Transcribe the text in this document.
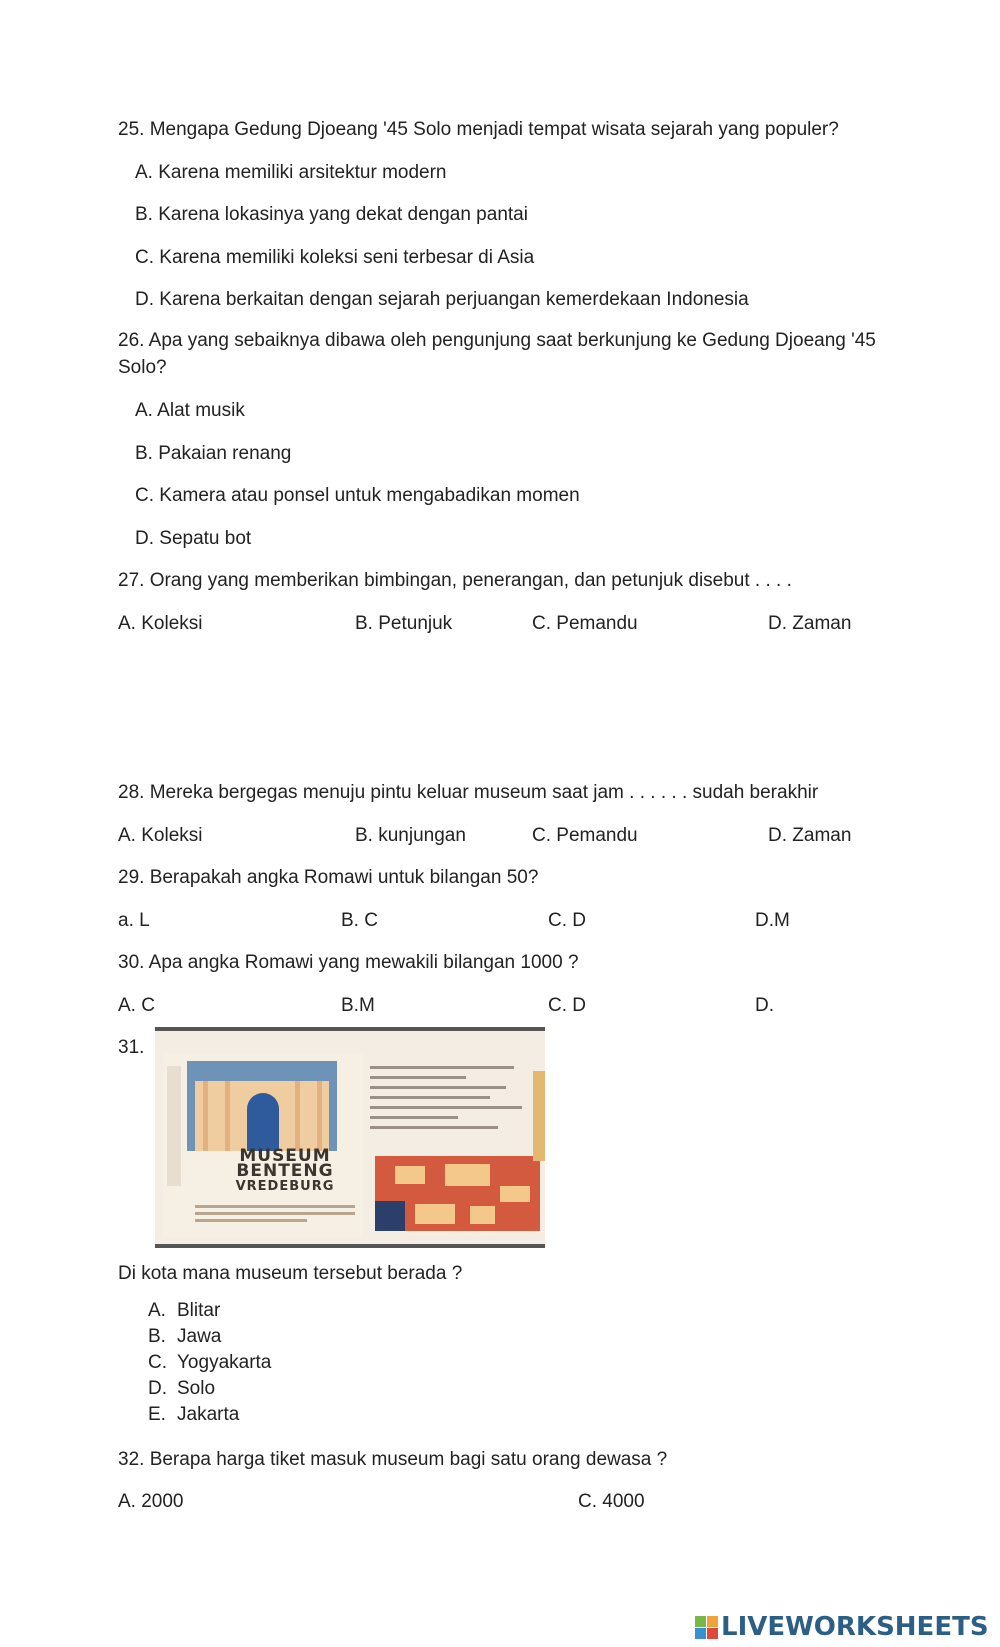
25. Mengapa Gedung Djoeang '45 Solo menjadi tempat wisata sejarah yang populer?
A. Karena memiliki arsitektur modern
B. Karena lokasinya yang dekat dengan pantai
C. Karena memiliki koleksi seni terbesar di Asia
D. Karena berkaitan dengan sejarah perjuangan kemerdekaan Indonesia
26. Apa yang sebaiknya dibawa oleh pengunjung saat berkunjung ke Gedung Djoeang '45 Solo?
A. Alat musik
B. Pakaian renang
C. Kamera atau ponsel untuk mengabadikan momen
D. Sepatu bot
27. Orang yang memberikan bimbingan, penerangan, dan petunjuk disebut . . . .
A. Koleksi	B. Petunjuk	C. Pemandu	D. Zaman
28. Mereka bergegas menuju pintu keluar museum saat jam . . . . . . sudah berakhir
A. Koleksi	B. kunjungan	C. Pemandu	D. Zaman
29. Berapakah angka Romawi untuk bilangan 50?
a. L	B. C	C. D	D.M
30. Apa angka Romawi yang mewakili bilangan 1000 ?
A. C	B.M	C. D	D.
31.
MUSEUM
BENTENG
VREDEBURG
Di kota mana museum tersebut berada ?
A. Blitar
B. Jawa
C. Yogyakarta
D. Solo
E. Jakarta
32. Berapa harga tiket masuk museum bagi satu orang dewasa ?
A. 2000	C. 4000
LIVEWORKSHEETS
